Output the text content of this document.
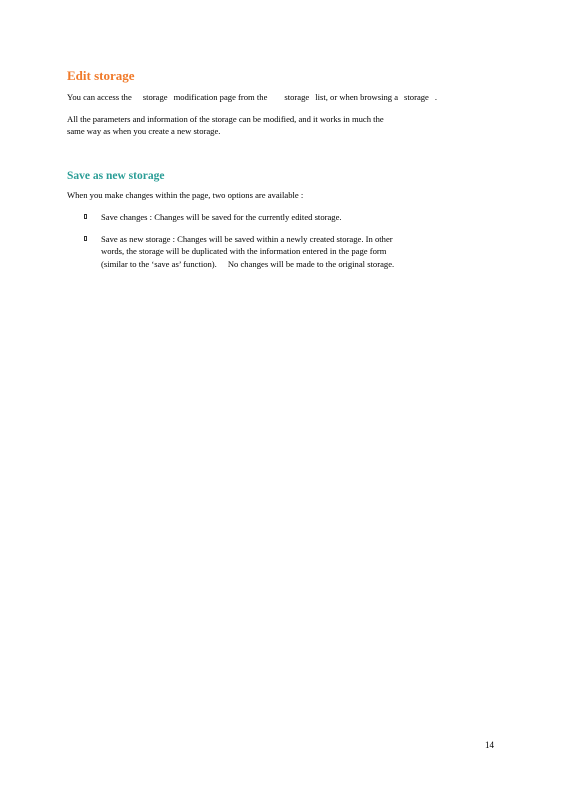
Edit storage
You can access the storage modification page from the storage list, or when browsing a storage .
All the parameters and information of the storage can be modified, and it works in much the
same way as when you create a new storage.
Save as new storage
When you make changes within the page, two options are available :
Save changes : Changes will be saved for the currently edited storage.
Save as new storage : Changes will be saved within a newly created storage. In other
words, the storage will be duplicated with the information entered in the page form
(similar to the ‘save as’ function). No changes will be made to the original storage.
14
